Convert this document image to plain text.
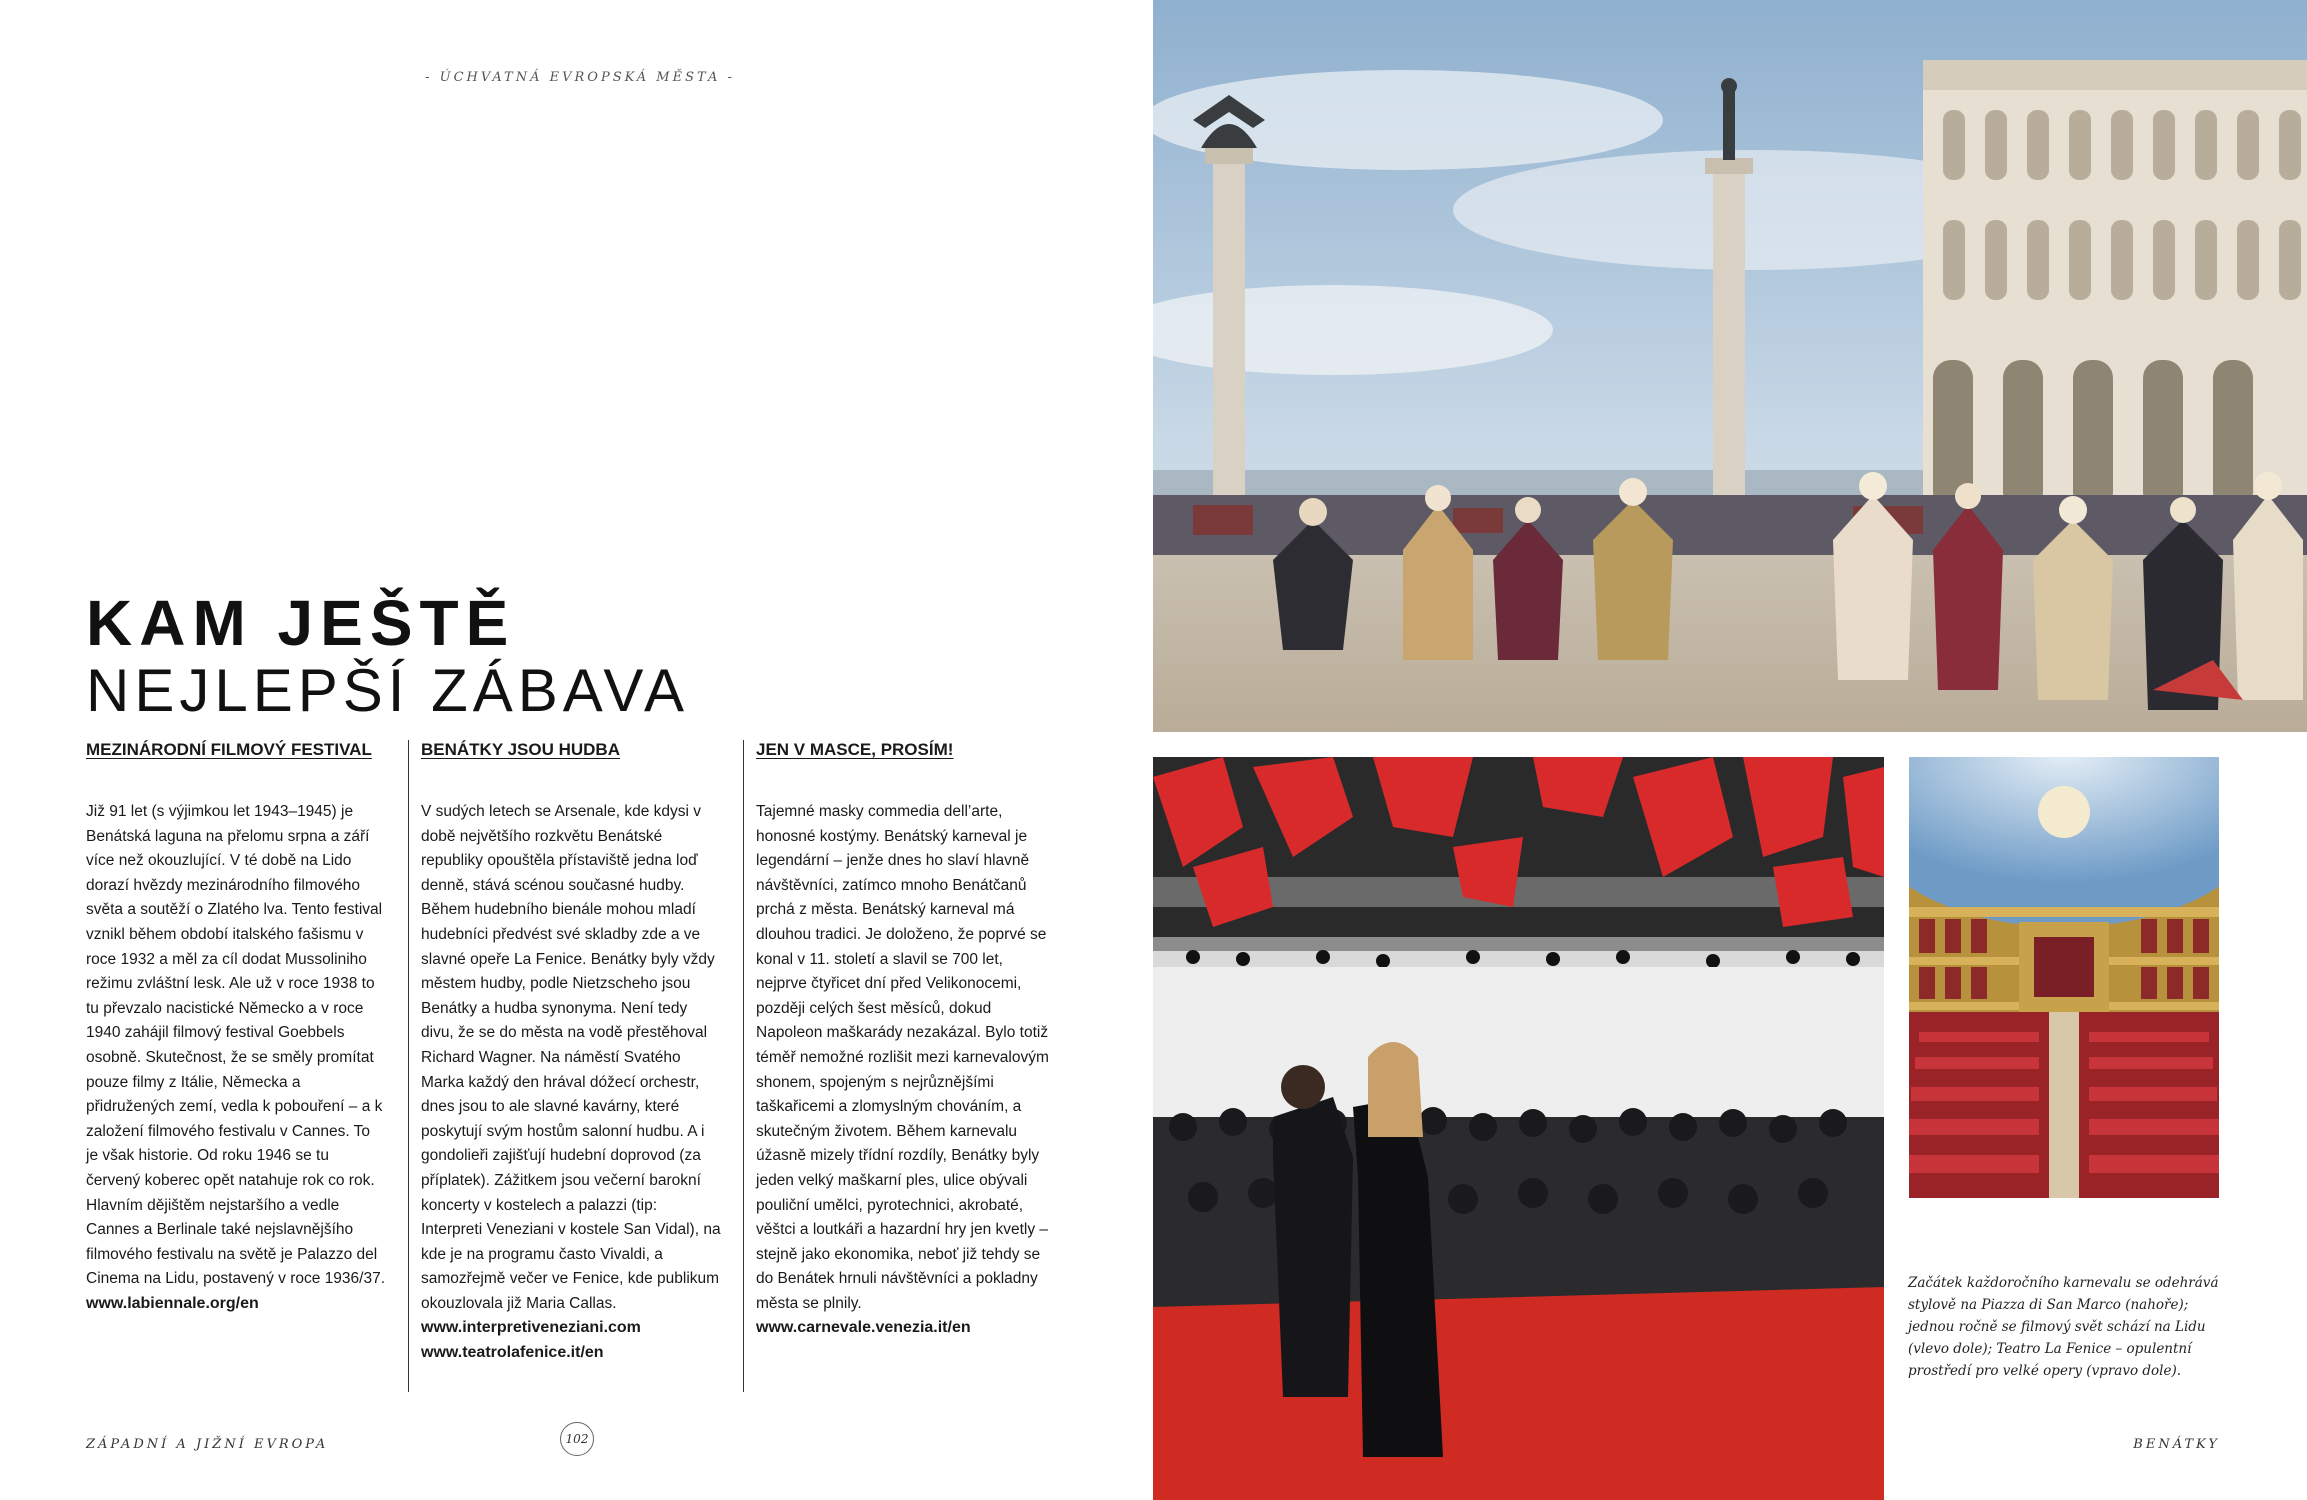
- ÚCHVATNÁ EVROPSKÁ MĚSTA -
KAM JEŠTĚ
NEJLEPŠÍ ZÁBAVA
MEZINÁRODNÍ FILMOVÝ FESTIVAL

Již 91 let (s výjimkou let 1943–1945) je Benátská laguna na přelomu srpna a září více než okouzlující. V té době na Lido dorazí hvězdy mezinárodního filmového světa a soutěží o Zlatého lva. Tento festival vznikl během období italského fašismu v roce 1932 a měl za cíl dodat Mussoliniho režimu zvláštní lesk. Ale už v roce 1938 to tu převzalo nacistické Německo a v roce 1940 zahájil filmový festival Goebbels osobně. Skutečnost, že se směly promítat pouze filmy z Itálie, Německa a přidružených zemí, vedla k pobouření – a k založení filmového festivalu v Cannes. To je však historie. Od roku 1946 se tu červený koberec opět natahuje rok co rok. Hlavním dějištěm nejstaršího a vedle Cannes a Berlinale také nejslavnějšího filmového festivalu na světě je Palazzo del Cinema na Lidu, postavený v roce 1936/37.

www.labiennale.org/en

BENÁTKY JSOU HUDBA

V sudých letech se Arsenale, kde kdysi v době největšího rozkvětu Benátské republiky opouštěla přístaviště jedna loď denně, stává scénou současné hudby. Během hudebního bienále mohou mladí hudebníci předvést své skladby zde a ve slavné opeře La Fenice. Benátky byly vždy městem hudby, podle Nietzscheho jsou Benátky a hudba synonyma. Není tedy divu, že se do města na vodě přestěhoval Richard Wagner. Na náměstí Svatého Marka každý den hrával dóžecí orchestr, dnes jsou to ale slavné kavárny, které poskytují svým hostům salonní hudbu. A i gondolieři zajišťují hudební doprovod (za příplatek). Zážitkem jsou večerní barokní koncerty v kostelech a palazzi (tip: Interpreti Veneziani v kostele San Vidal), na kde je na programu často Vivaldi, a samozřejmě večer ve Fenice, kde publikum okouzlovala již Maria Callas.

www.interpretiveneziani.com

www.teatrolafenice.it/en

JEN V MASCE, PROSÍM!

Tajemné masky commedia dell’arte, honosné kostýmy. Benátský karneval je legendární – jenže dnes ho slaví hlavně návštěvníci, zatímco mnoho Benátčanů prchá z města. Benátský karneval má dlouhou tradici. Je doloženo, že poprvé se konal v 11. století a slavil se 700 let, nejprve čtyřicet dní před Velikonocemi, později celých šest měsíců, dokud Napoleon maškarády nezakázal. Bylo totiž téměř nemožné rozlišit mezi karnevalovým shonem, spojeným s nejrůznějšími taškařicemi a zlomyslným chováním, a skutečným životem. Během karnevalu úžasně mizely třídní rozdíly, Benátky byly jeden velký maškarní ples, ulice obývali pouliční umělci, pyrotechnici, akrobaté, věštci a loutkáři a hazardní hry jen kvetly – stejně jako ekonomika, neboť již tehdy se do Benátek hrnuli návštěvníci a pokladny města se plnily.

www.carnevale.venezia.it/en

ZÁPADNÍ A JIŽNÍ EVROPA	102
Začátek každoročního karnevalu se odehrává stylově na Piazza di San Marco (nahoře); jednou ročně se filmový svět schází na Lidu (vlevo dole); Teatro La Fenice – opulentní prostředí pro velké opery (vpravo dole).
BENÁTKY
